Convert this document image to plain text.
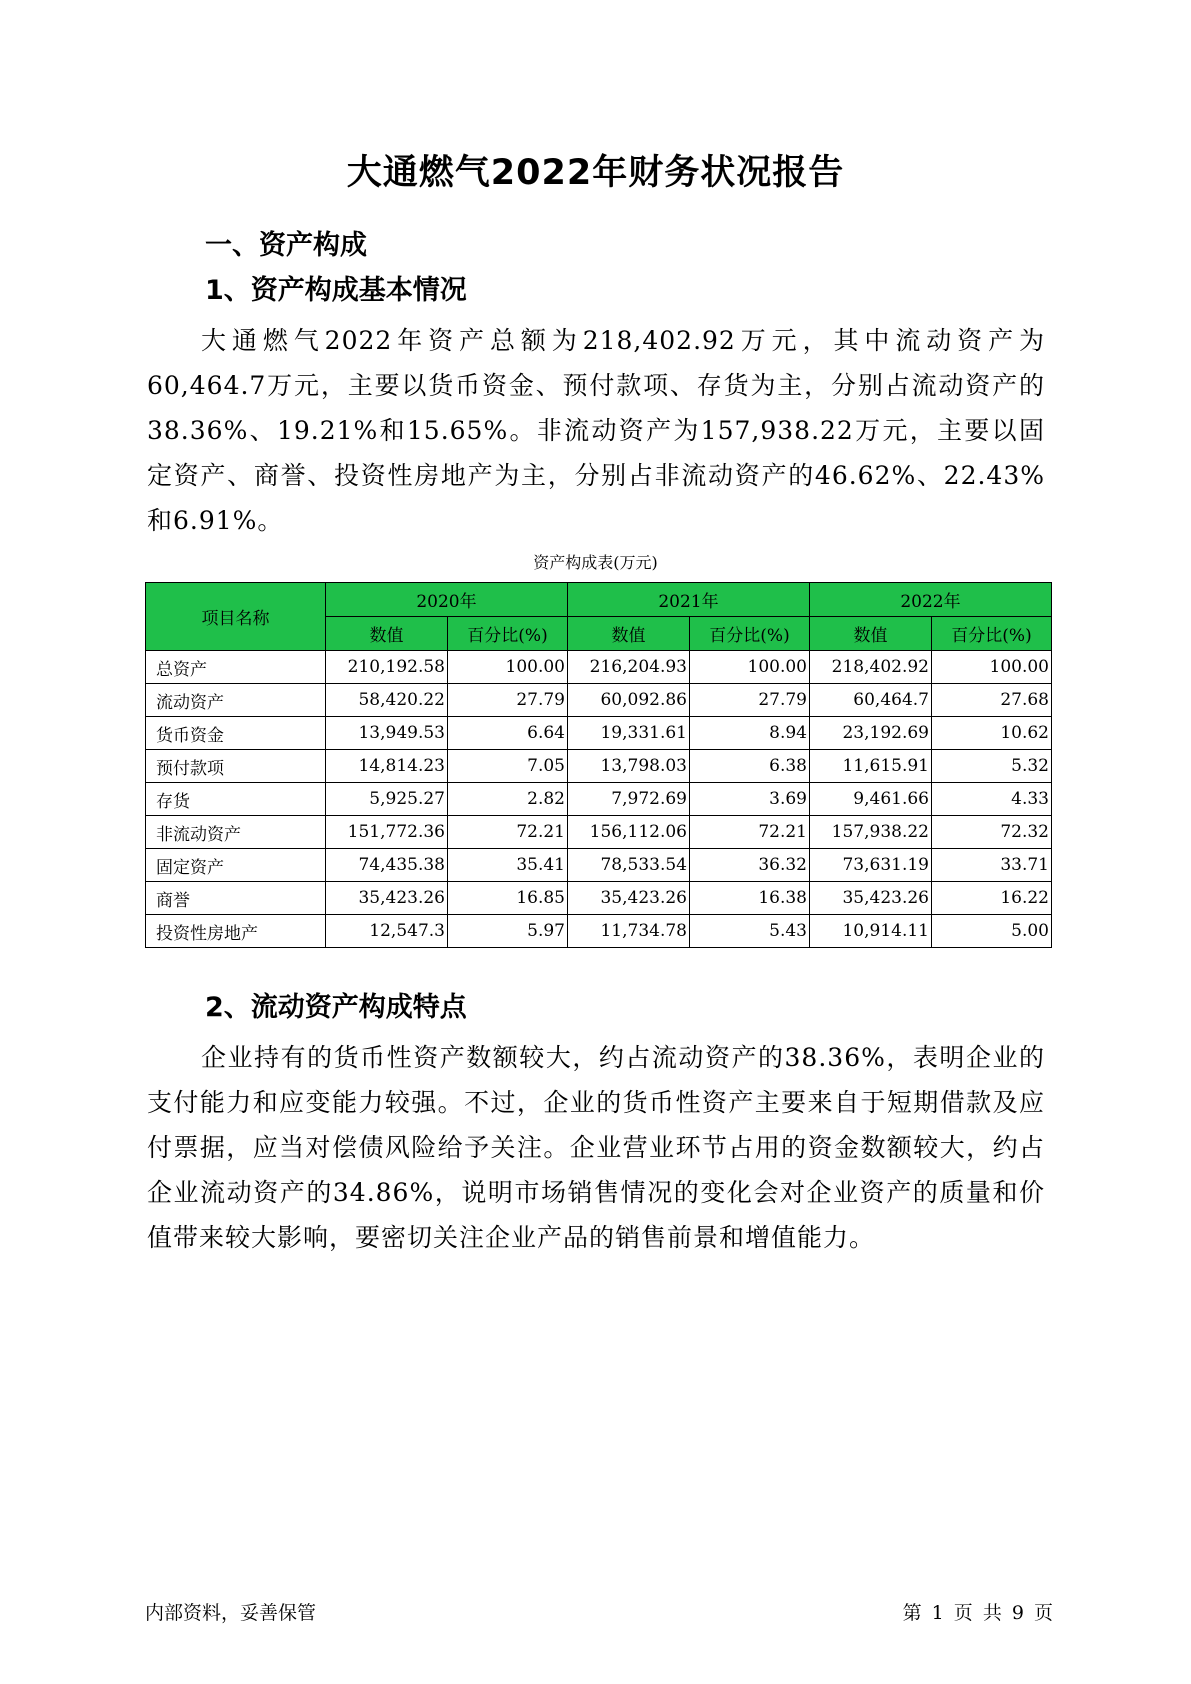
大通燃气2022年财务状况报告
一、资产构成
1、资产构成基本情况
大通燃气2022年资产总额为218,402.92万元，其中流动资产为60,464.7万元，主要以货币资金、预付款项、存货为主，分别占流动资产的38.36%、19.21%和15.65%。非流动资产为157,938.22万元，主要以固定资产、商誉、投资性房地产为主，分别占非流动资产的46.62%、22.43%和6.91%。
资产构成表(万元)
项目名称	2020年		2021年		2022年	
	数值	百分比(%)	数值	百分比(%)	数值	百分比(%)
总资产	210,192.58	100.00	216,204.93	100.00	218,402.92	100.00
流动资产	58,420.22	27.79	60,092.86	27.79	60,464.7	27.68
货币资金	13,949.53	6.64	19,331.61	8.94	23,192.69	10.62
预付款项	14,814.23	7.05	13,798.03	6.38	11,615.91	5.32
存货	5,925.27	2.82	7,972.69	3.69	9,461.66	4.33
非流动资产	151,772.36	72.21	156,112.06	72.21	157,938.22	72.32
固定资产	74,435.38	35.41	78,533.54	36.32	73,631.19	33.71
商誉	35,423.26	16.85	35,423.26	16.38	35,423.26	16.22
投资性房地产	12,547.3	5.97	11,734.78	5.43	10,914.11	5.00
2、流动资产构成特点
企业持有的货币性资产数额较大，约占流动资产的38.36%，表明企业的支付能力和应变能力较强。不过，企业的货币性资产主要来自于短期借款及应付票据，应当对偿债风险给予关注。企业营业环节占用的资金数额较大，约占企业流动资产的34.86%，说明市场销售情况的变化会对企业资产的质量和价值带来较大影响，要密切关注企业产品的销售前景和增值能力。
内部资料，妥善保管	第 1 页 共 9 页
